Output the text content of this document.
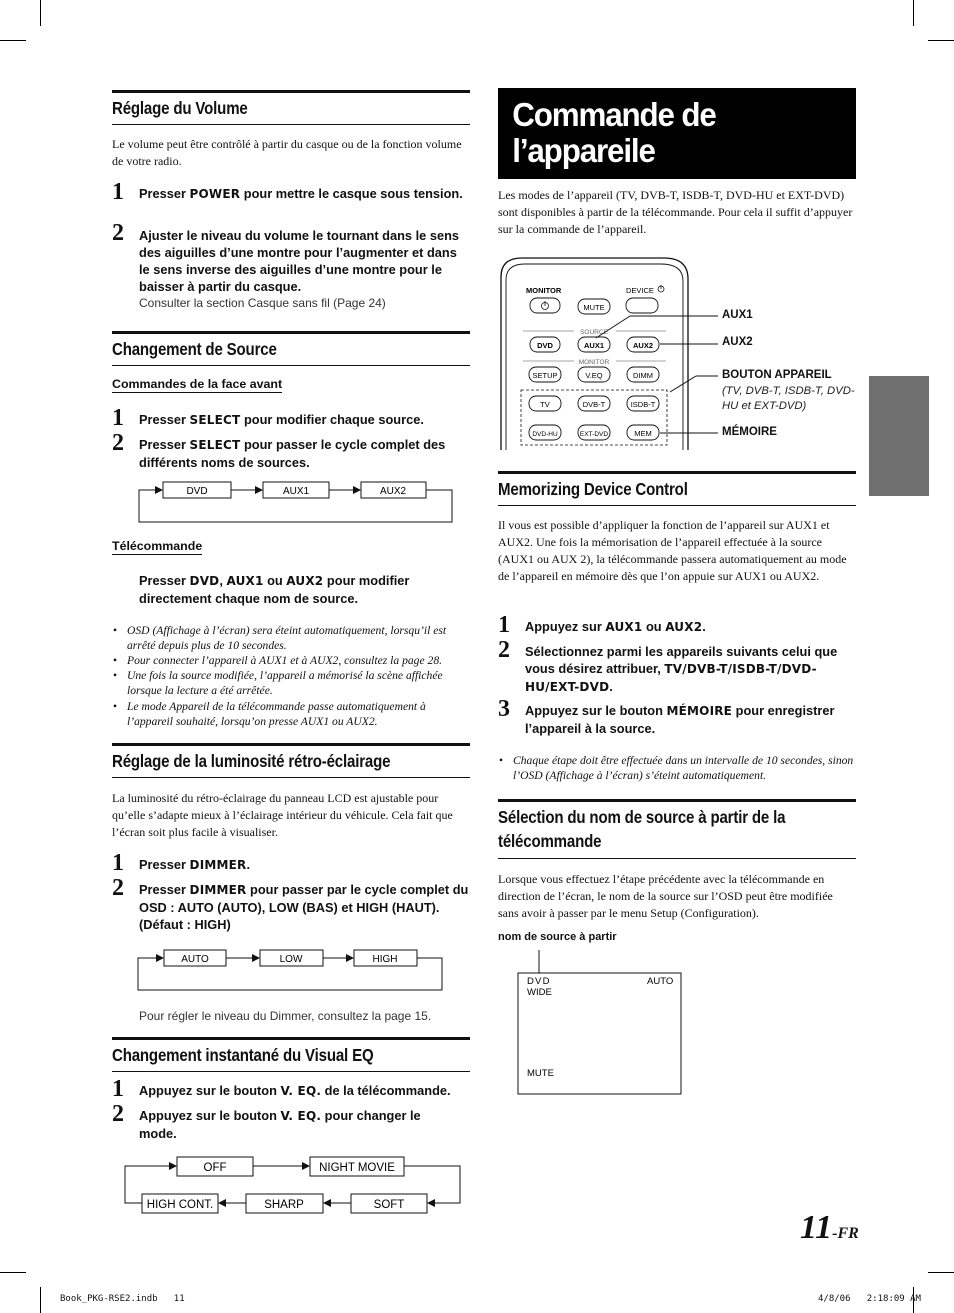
Réglage du Volume
Le volume peut être contrôlé à partir du casque ou de la fonction volume de votre radio.
1 Presser POWER pour mettre le casque sous tension.
2 Ajuster le niveau du volume le tournant dans le sens des aiguilles d’une montre pour l’augmenter et dans le sens inverse des aiguilles d’une montre pour le baisser à partir du casque.
Consulter la section Casque sans fil (Page 24)
Changement de Source
Commandes de la face avant
1 Presser SELECT pour modifier chaque source.
2 Presser SELECT pour passer le cycle complet des différents noms de sources.
DVD	AUX1	AUX2
Télécommande
Presser DVD, AUX1 ou AUX2 pour modifier directement chaque nom de source.
• OSD (Affichage à l’écran) sera éteint automatiquement, lorsqu’il est arrêté depuis plus de 10 secondes.
• Pour connecter l’appareil à AUX1 et à AUX2, consultez la page 28.
• Une fois la source modifiée, l’appareil a mémorisé la scène affichée lorsque la lecture a été arrêtée.
• Le mode Appareil de la télécommande passe automatiquement à l’appareil souhaité, lorsqu’on presse AUX1 ou AUX2.
Réglage de la luminosité rétro-éclairage
La luminosité du rétro-éclairage du panneau LCD est ajustable pour qu’elle s’adapte mieux à l’éclairage intérieur du véhicule. Cela fait que l’écran soit plus facile à visualiser.
1 Presser DIMMER.
2 Presser DIMMER pour passer par le cycle complet du OSD : AUTO (AUTO), LOW (BAS) et HIGH (HAUT). (Défaut : HIGH)
AUTO	LOW	HIGH
Pour régler le niveau du Dimmer, consultez la page 15.
Changement instantané du Visual EQ
1 Appuyez sur le bouton V. EQ. de la télécommande.
2 Appuyez sur le bouton V. EQ. pour changer le mode.
OFF	NIGHT MOVIE
SOFT
SHARP
HIGH CONT.
Commande de
l’appareile
Les modes de l’appareil (TV, DVB-T, ISDB-T, DVD-HU et EXT-DVD) sont disponibles à partir de la télécommande. Pour cela il suffit d’appuyer sur la commande de l’appareil.
MONITOR	DEVICE
MUTE
SOURCE
DVD	AUX1	AUX2
MONITOR
SETUP	V.EQ	DIMM
TV	DVB-T	ISDB-T
DVD-HU	EXT-DVD	MEM
AUX1
AUX2
BOUTON APPAREIL
(TV, DVB-T, ISDB-T, DVD-HU et EXT-DVD)
MÉMOIRE
Memorizing Device Control
Il vous est possible d’appliquer la fonction de l’appareil sur AUX1 et AUX2. Une fois la mémorisation de l’appareil effectuée à la source (AUX1 ou AUX 2), la télécommande passera automatiquement au mode de l’appareil en mémoire dès que l’on appuie sur AUX1 ou AUX2.
1 Appuyez sur AUX1 ou AUX2.
2 Sélectionnez parmi les appareils suivants celui que vous désirez attribuer, TV/DVB-T/ISDB-T/DVD-HU/EXT-DVD.
3 Appuyez sur le bouton MÉMOIRE pour enregistrer l’appareil à la source.
• Chaque étape doit être effectuée dans un intervalle de 10 secondes, sinon l’OSD (Affichage à l’écran) s’éteint automatiquement.
Sélection du nom de source à partir de la
télécommande
Lorsque vous effectuez l’étape précédente avec la télécommande en direction de l’écran, le nom de la source sur l’OSD peut être modifiée sans avoir à passer par le menu Setup (Configuration).
nom de source à partir
DVD	AUTO
WIDE
MUTE
11-FR
Book_PKG-RSE2.indb   11	4/8/06   2:18:09 AM
